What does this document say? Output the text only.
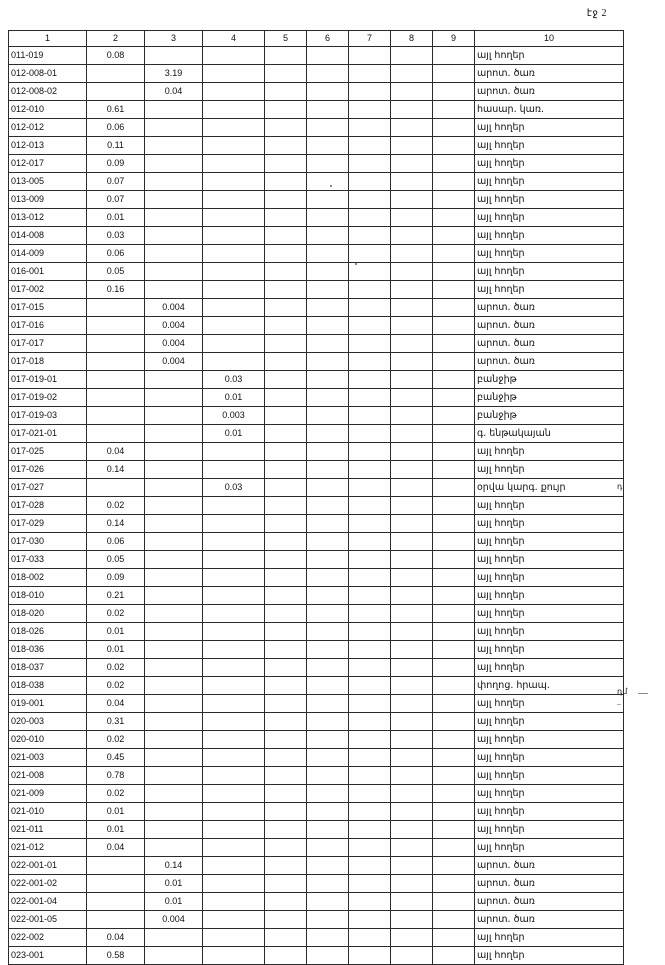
էջ 2
1	2	3	4	5	6	7	8	9	10
011-019	0.08								այլ hողեր
012-008-01		3.19							արոտ. ծառ
012-008-02		0.04							արոտ. ծառ
012-010	0.61								հասար. կառ.
012-012	0.06								այլ hողեր
012-013	0.11								այլ hողեր
012-017	0.09								այլ hողեր
013-005	0.07								այլ hողեր
013-009	0.07								այլ hողեր
013-012	0.01								այլ hողեր
014-008	0.03								այլ hողեր
014-009	0.06								այլ hողեր
016-001	0.05								այլ hողեր
017-002	0.16								այլ hողեր
017-015		0.004							արոտ. ծառ
017-016		0.004							արոտ. ծառ
017-017		0.004							արոտ. ծառ
017-018		0.004							արոտ. ծառ
017-019-01			0.03						բանջիթ
017-019-02			0.01						բանջիթ
017-019-03			0.003						բանջիթ
017-021-01			0.01						գ. ենթակայան
017-025	0.04								այլ hողեր
017-026	0.14								այլ hողեր
017-027			0.03						օրվա կարգ. քույր
017-028	0.02								այլ hողեր
017-029	0.14								այլ hողեր
017-030	0.06								այլ hողեր
017-033	0.05								այլ hողեր
018-002	0.09								այլ hողեր
018-010	0.21								այլ hողեր
018-020	0.02								այլ hողեր
018-026	0.01								այլ hողեր
018-036	0.01								այլ hողեր
018-037	0.02								այլ hողեր
018-038	0.02								փողոց. հրապ.
019-001	0.04								այլ hողեր
020-003	0.31								այլ hողեր
020-010	0.02								այլ hողեր
021-003	0.45								այլ hողեր
021-008	0.78								այլ hողեր
021-009	0.02								այլ hողեր
021-010	0.01								այլ hողեր
021-011	0.01								այլ hողեր
021-012	0.04								այլ hողեր
022-001-01		0.14							արոտ. ծառ
022-001-02		0.01							արոտ. ծառ
022-001-04		0.01							արոտ. ծառ
022-001-05		0.004							արոտ. ծառ
022-002	0.04								այլ hողեր
023-001	0.58								այլ hողեր
դ
դմ
..
